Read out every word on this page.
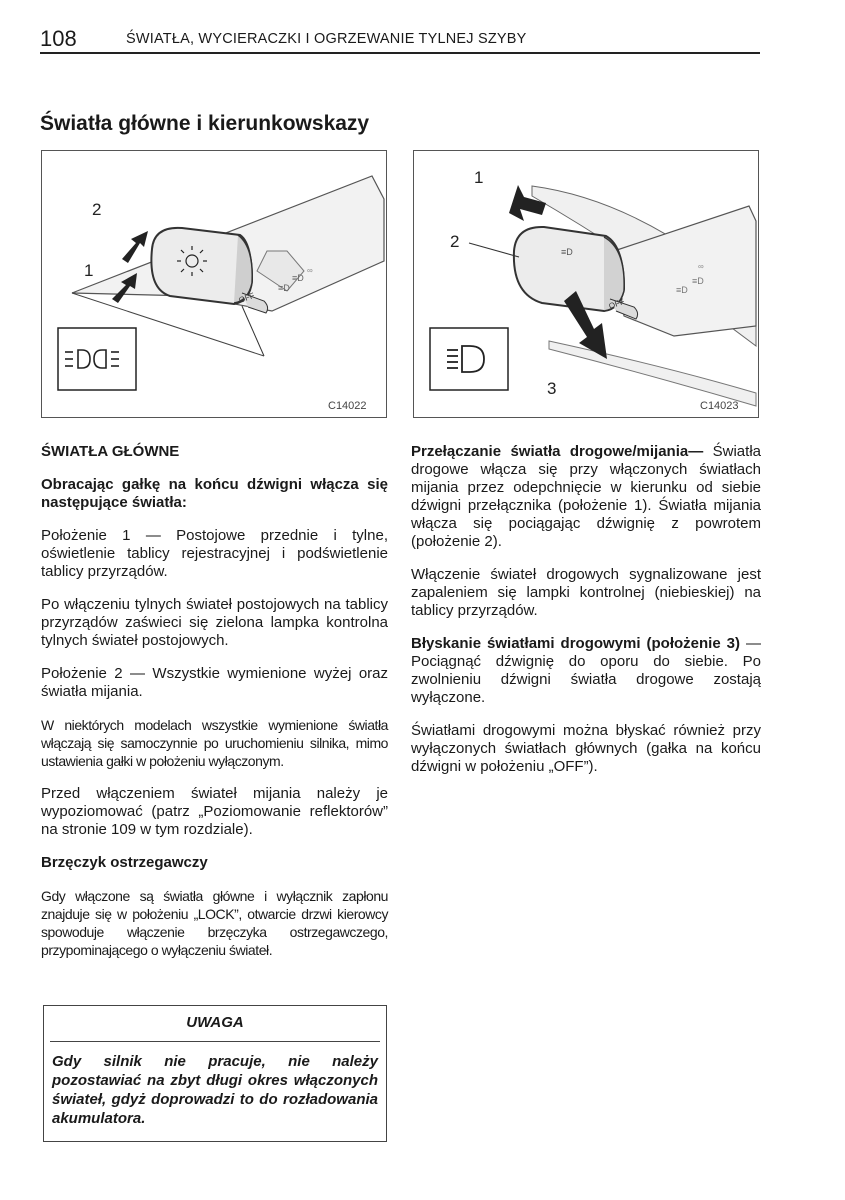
108	ŚWIATŁA, WYCIERACZKI I OGRZEWANIE TYLNEJ SZYBY
Światła główne i kierunkowskazy
≡D
≡D
∞
OFF
2
1
C14022
≡D
≡D
∞
≡D
OFF
1
2
3
C14023

ŚWIATŁA GŁÓWNE

Obracając gałkę na końcu dźwigni włącza się następujące światła:

Położenie 1 — Postojowe przednie i tylne, oświetlenie tablicy rejestracyjnej i podświetlenie tablicy przyrządów.

Po włączeniu tylnych świateł postojowych na tablicy przyrządów zaświeci się zielona lampka kontrolna tylnych świateł postojowych.

Położenie 2 — Wszystkie wymienione wyżej oraz światła mijania.

W niektórych modelach wszystkie wymienione światła włączają się samoczynnie po uruchomieniu silnika, mimo ustawienia gałki w położeniu wyłączonym.

Przed włączeniem świateł mijania należy je wypoziomować (patrz „Poziomowanie reflektorów” na stronie 109 w tym rozdziale).

Brzęczyk ostrzegawczy

Gdy włączone są światła główne i wyłącznik zapłonu znajduje się w położeniu „LOCK”, otwarcie drzwi kierowcy spowoduje włączenie brzęczyka ostrzegawczego, przypominającego o wyłączeniu świateł.

UWAGA
Gdy silnik nie pracuje, nie należy pozostawiać na zbyt długi okres włączonych świateł, gdyż doprowadzi to do rozładowania akumulatora.

Przełączanie światła drogowe/mijania— Światła drogowe włącza się przy włączonych światłach mijania przez odepchnięcie w kierunku od siebie dźwigni przełącznika (położenie 1). Światła mijania włącza się pociągając dźwignię z powrotem (położenie 2).

Włączenie świateł drogowych sygnalizowane jest zapaleniem się lampki kontrolnej (niebieskiej) na tablicy przyrządów.

Błyskanie światłami drogowymi (położenie 3) — Pociągnąć dźwignię do oporu do siebie. Po zwolnieniu dźwigni światła drogowe zostają wyłączone.

Światłami drogowymi można błyskać również przy wyłączonych światłach głównych (gałka na końcu dźwigni w położeniu „OFF”).
